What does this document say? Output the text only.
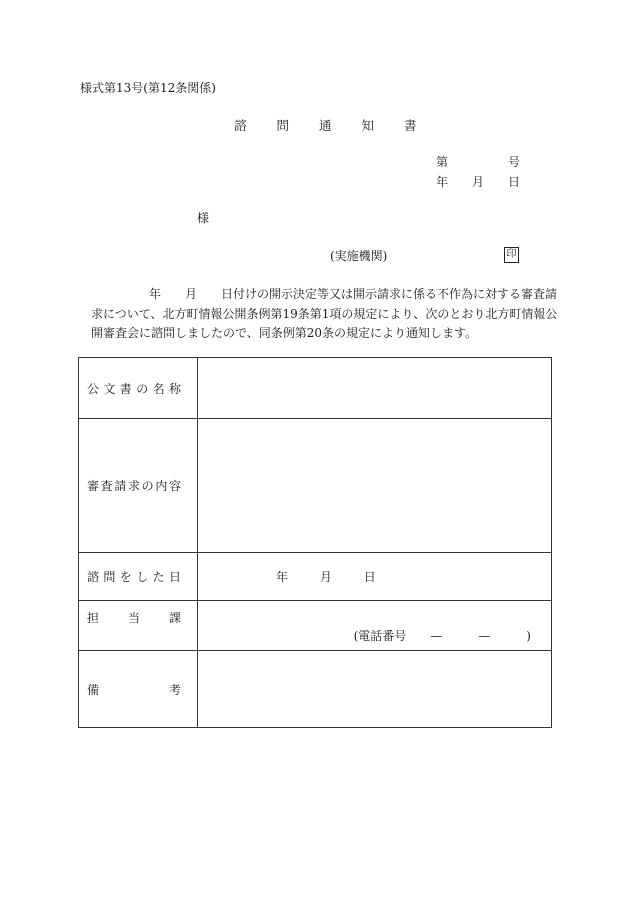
様式第13号(第12条関係)
諮問通知書
第　　　　　号
年　　月　　日
様
(実施機関)	印
年　　月　　日付けの開示決定等又は開示請求に係る不作為に対する審査請求について、北方町情報公開条例第19条第1項の規定により、次のとおり北方町情報公開審査会に諮問しましたので、同条例第20条の規定により通知します。
公文書の名称	

審査請求の内容	

諮問をした日	年 月 日

担当課	(電話番号　　—　　　—　　　)

備考	
